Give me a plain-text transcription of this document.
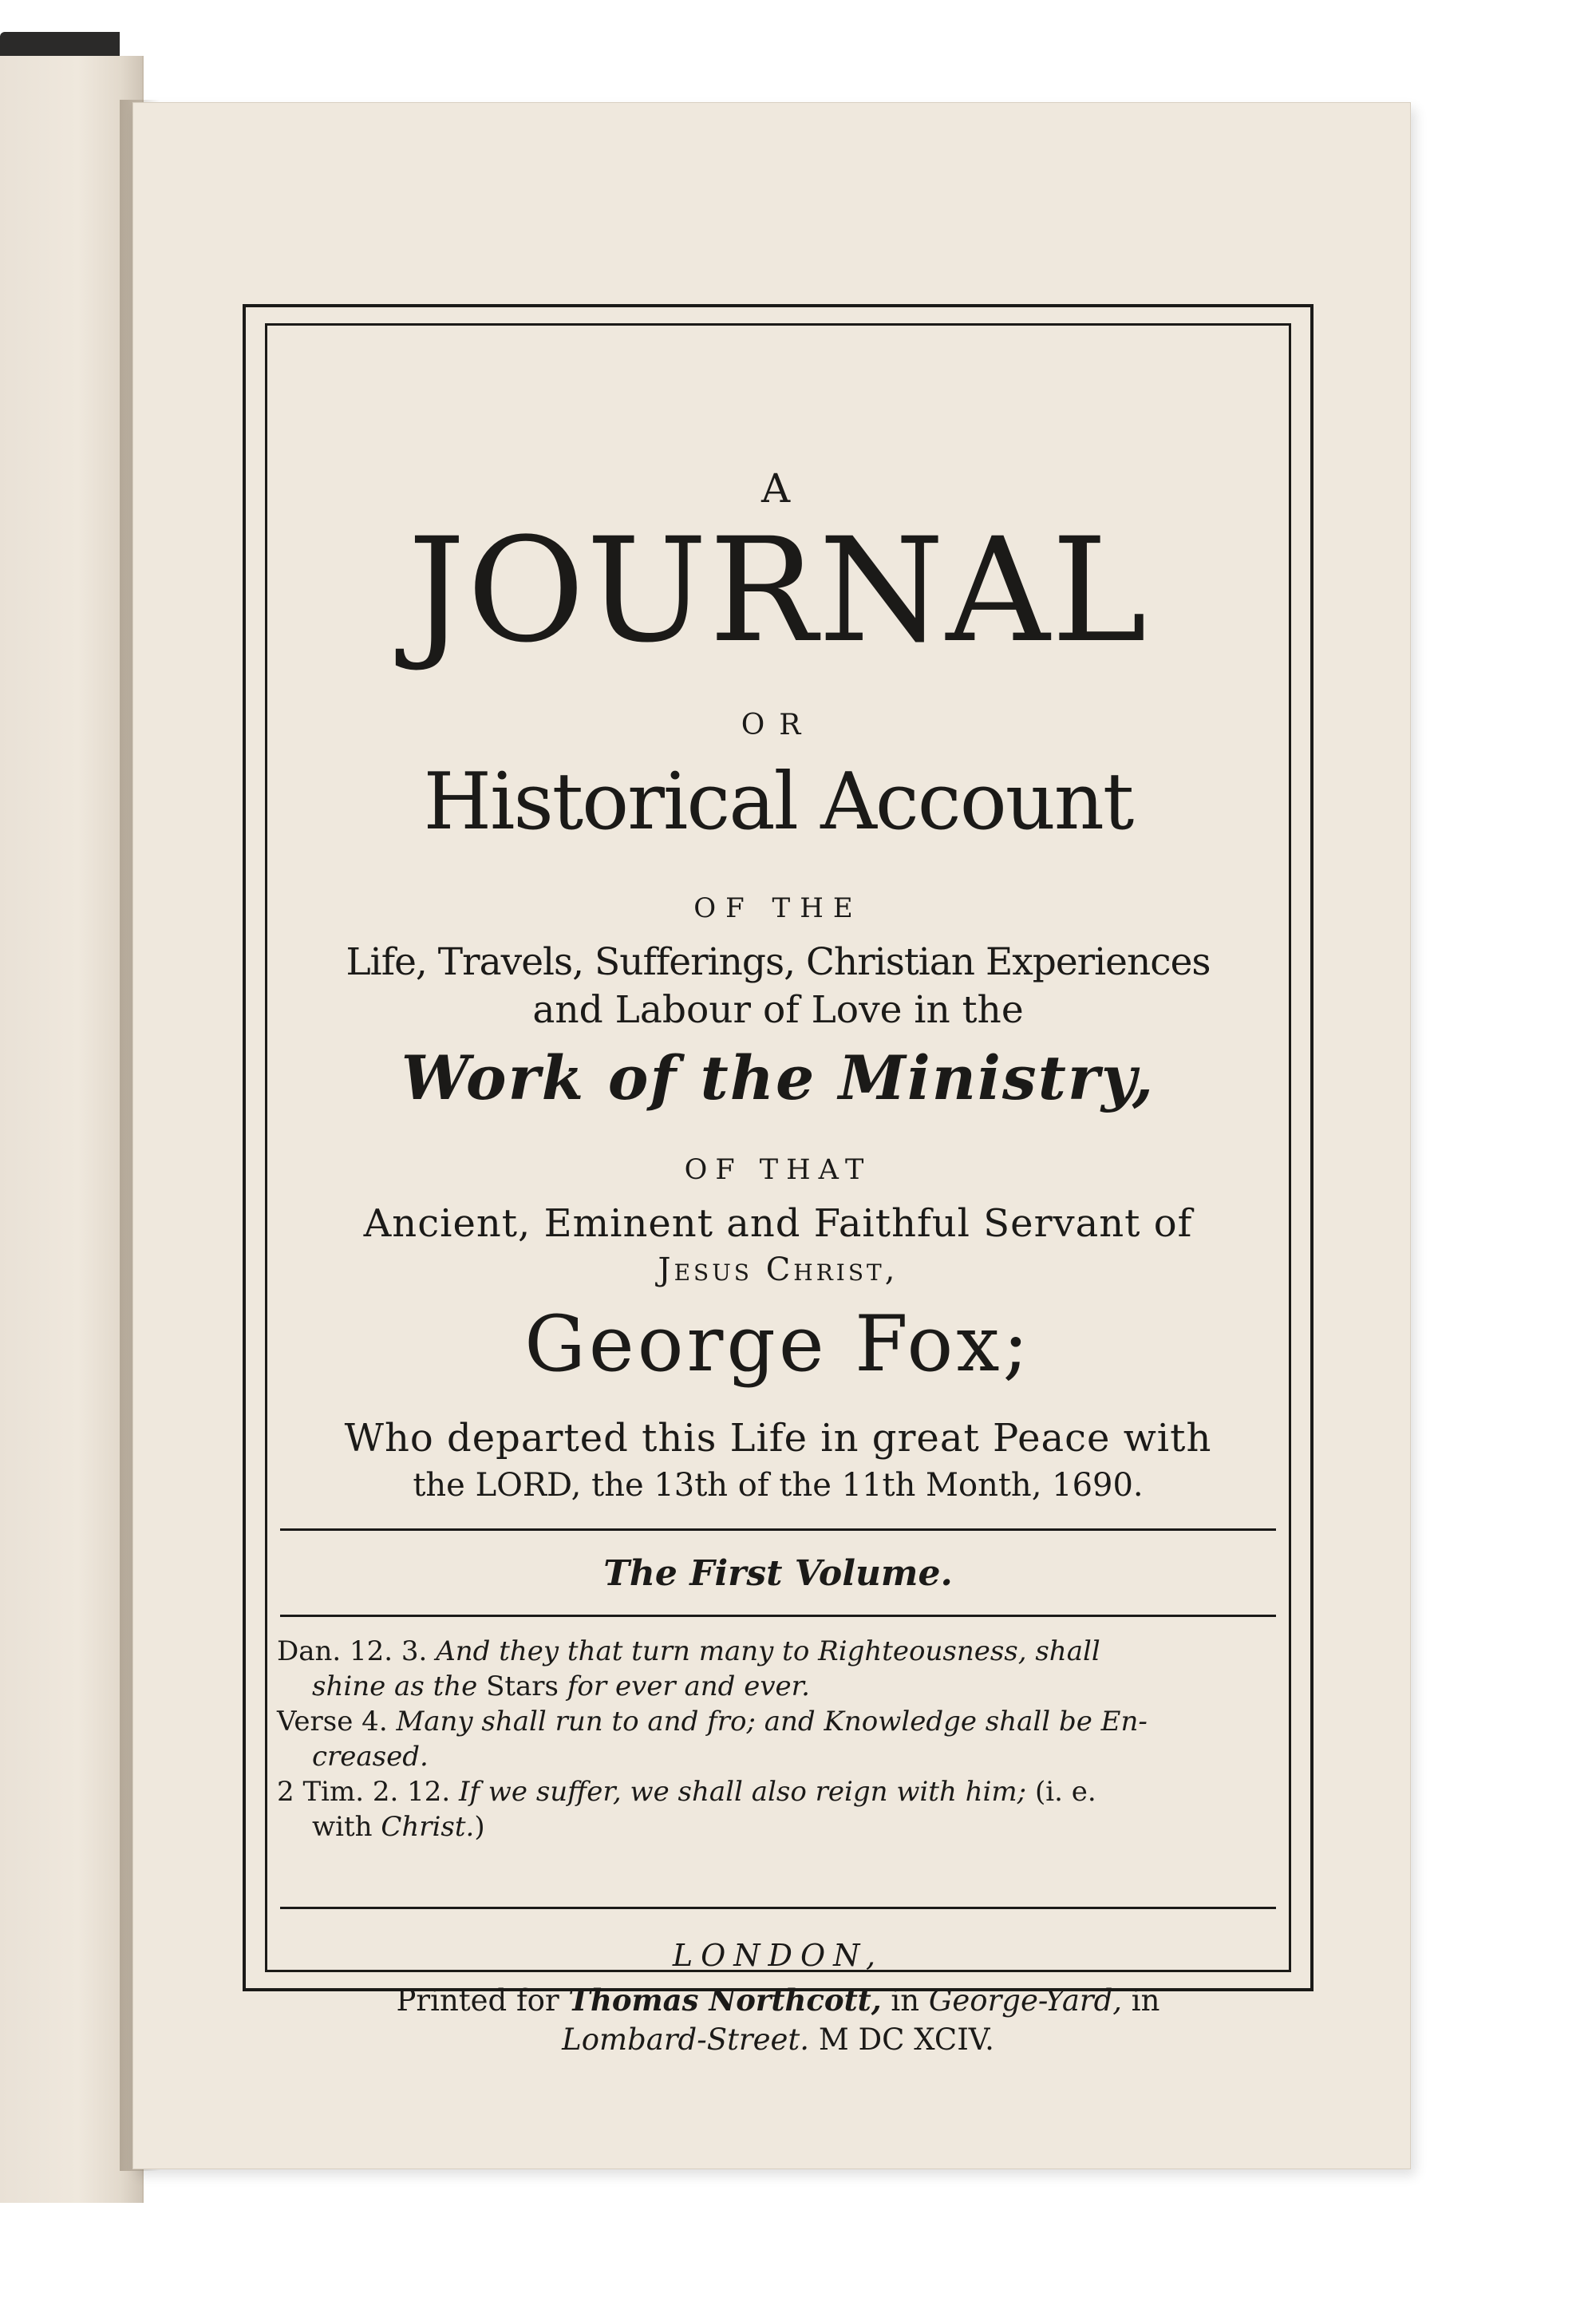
A

JOURNAL

OR

Historical Account

OF THE

Life, Travels, Sufferings, Christian Experiences

and Labour of Love in the

Work of the Ministry,

OF THAT

Ancient, Eminent and Faithful Servant of

Jesus Christ,

George Fox;

Who departed this Life in great Peace with

the LORD, the 13th of the 11th Month, 1690.

The First Volume.

Dan. 12. 3. And they that turn many to Righteousness, shall

shine as the Stars for ever and ever.

Verse 4. Many shall run to and fro; and Knowledge shall be En-

creased.

2 Tim. 2. 12. If we suffer, we shall also reign with him; (i. e.

with Christ.)

LONDON,

Printed for Thomas Northcott, in George-Yard, in

Lombard-Street. M DC XCIV.
